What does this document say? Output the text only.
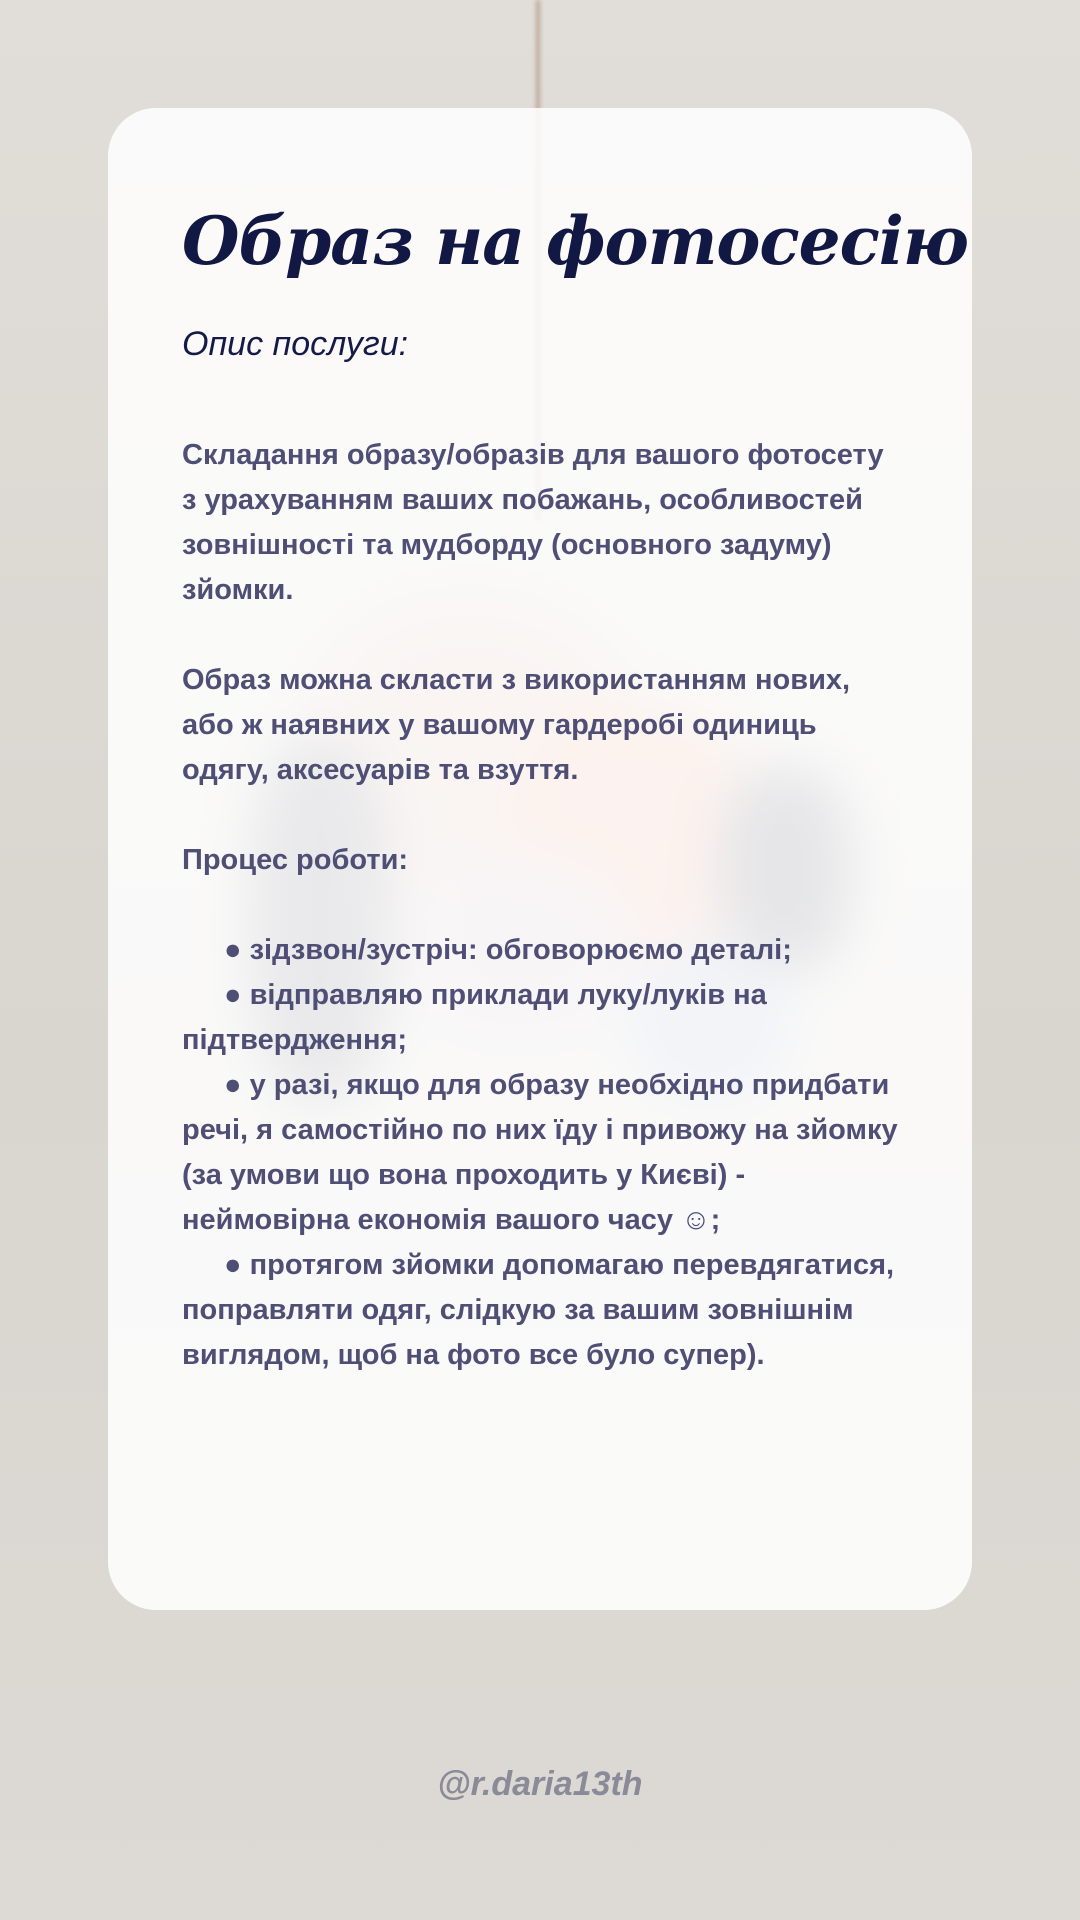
Образ на фотосесію
Опис послуги:

Складання образу/образів для вашого фотосету з урахуванням ваших побажань, особливостей зовнішності та мудборду (основного задуму) зйомки.

Образ можна скласти з використанням нових, або ж наявних у вашому гардеробі одиниць одягу, аксесуарів та взуття.

Процес роботи:

● зідзвон/зустріч: обговорюємо деталі;

● відправляю приклади луку/луків на підтвердження;

● у разі, якщо для образу необхідно придбати речі, я самостійно по них їду і привожу на зйомку (за умови що вона проходить у Києві) - неймовірна економія вашого часу ☺;

● протягом зйомки допомагаю перевдягатися, поправляти одяг, слідкую за вашим зовнішнім виглядом, щоб на фото все було супер).

@r.daria13th
